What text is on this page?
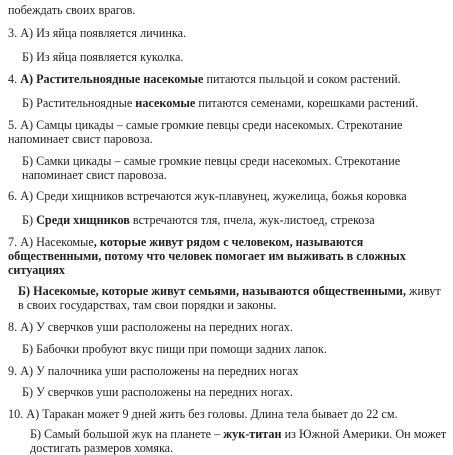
побеждать своих врагов.

3. А) Из яйца появляется личинка.

Б) Из яйца появляется куколка.

4. А) Растительноядные насекомые питаются пыльцой и соком растений.

Б) Растительноядные насекомые питаются семенами, корешками растений.

5. А) Самцы цикады – самые громкие певцы среди насекомых. Стрекотание напоминает свист паровоза.

Б) Самки цикады – самые громкие певцы среди насекомых. Стрекотание напоминает свист паровоза.

6. А) Среди хищников встречаются жук-плавунец, жужелица, божья коровка

Б) Среди хищников встречаются тля, пчела, жук-листоед, стрекоза

7. А) Насекомые, которые живут рядом с человеком, называются общественными, потому что человек помогает им выживать в сложных ситуациях

Б) Насекомые, которые живут семьями, называются общественными, живут в своих государствах, там свои порядки и законы.

8. А) У сверчков уши расположены на передних ногах.

Б) Бабочки пробуют вкус пищи при помощи задних лапок.

9. А) У палочника уши расположены на передних ногах

Б) У сверчков уши расположены на передних ногах.

10. А) Таракан может 9 дней жить без головы. Длина тела бывает до 22 см.

Б) Самый большой жук на планете – жук-титан из Южной Америки. Он может достигать размеров хомяка.
